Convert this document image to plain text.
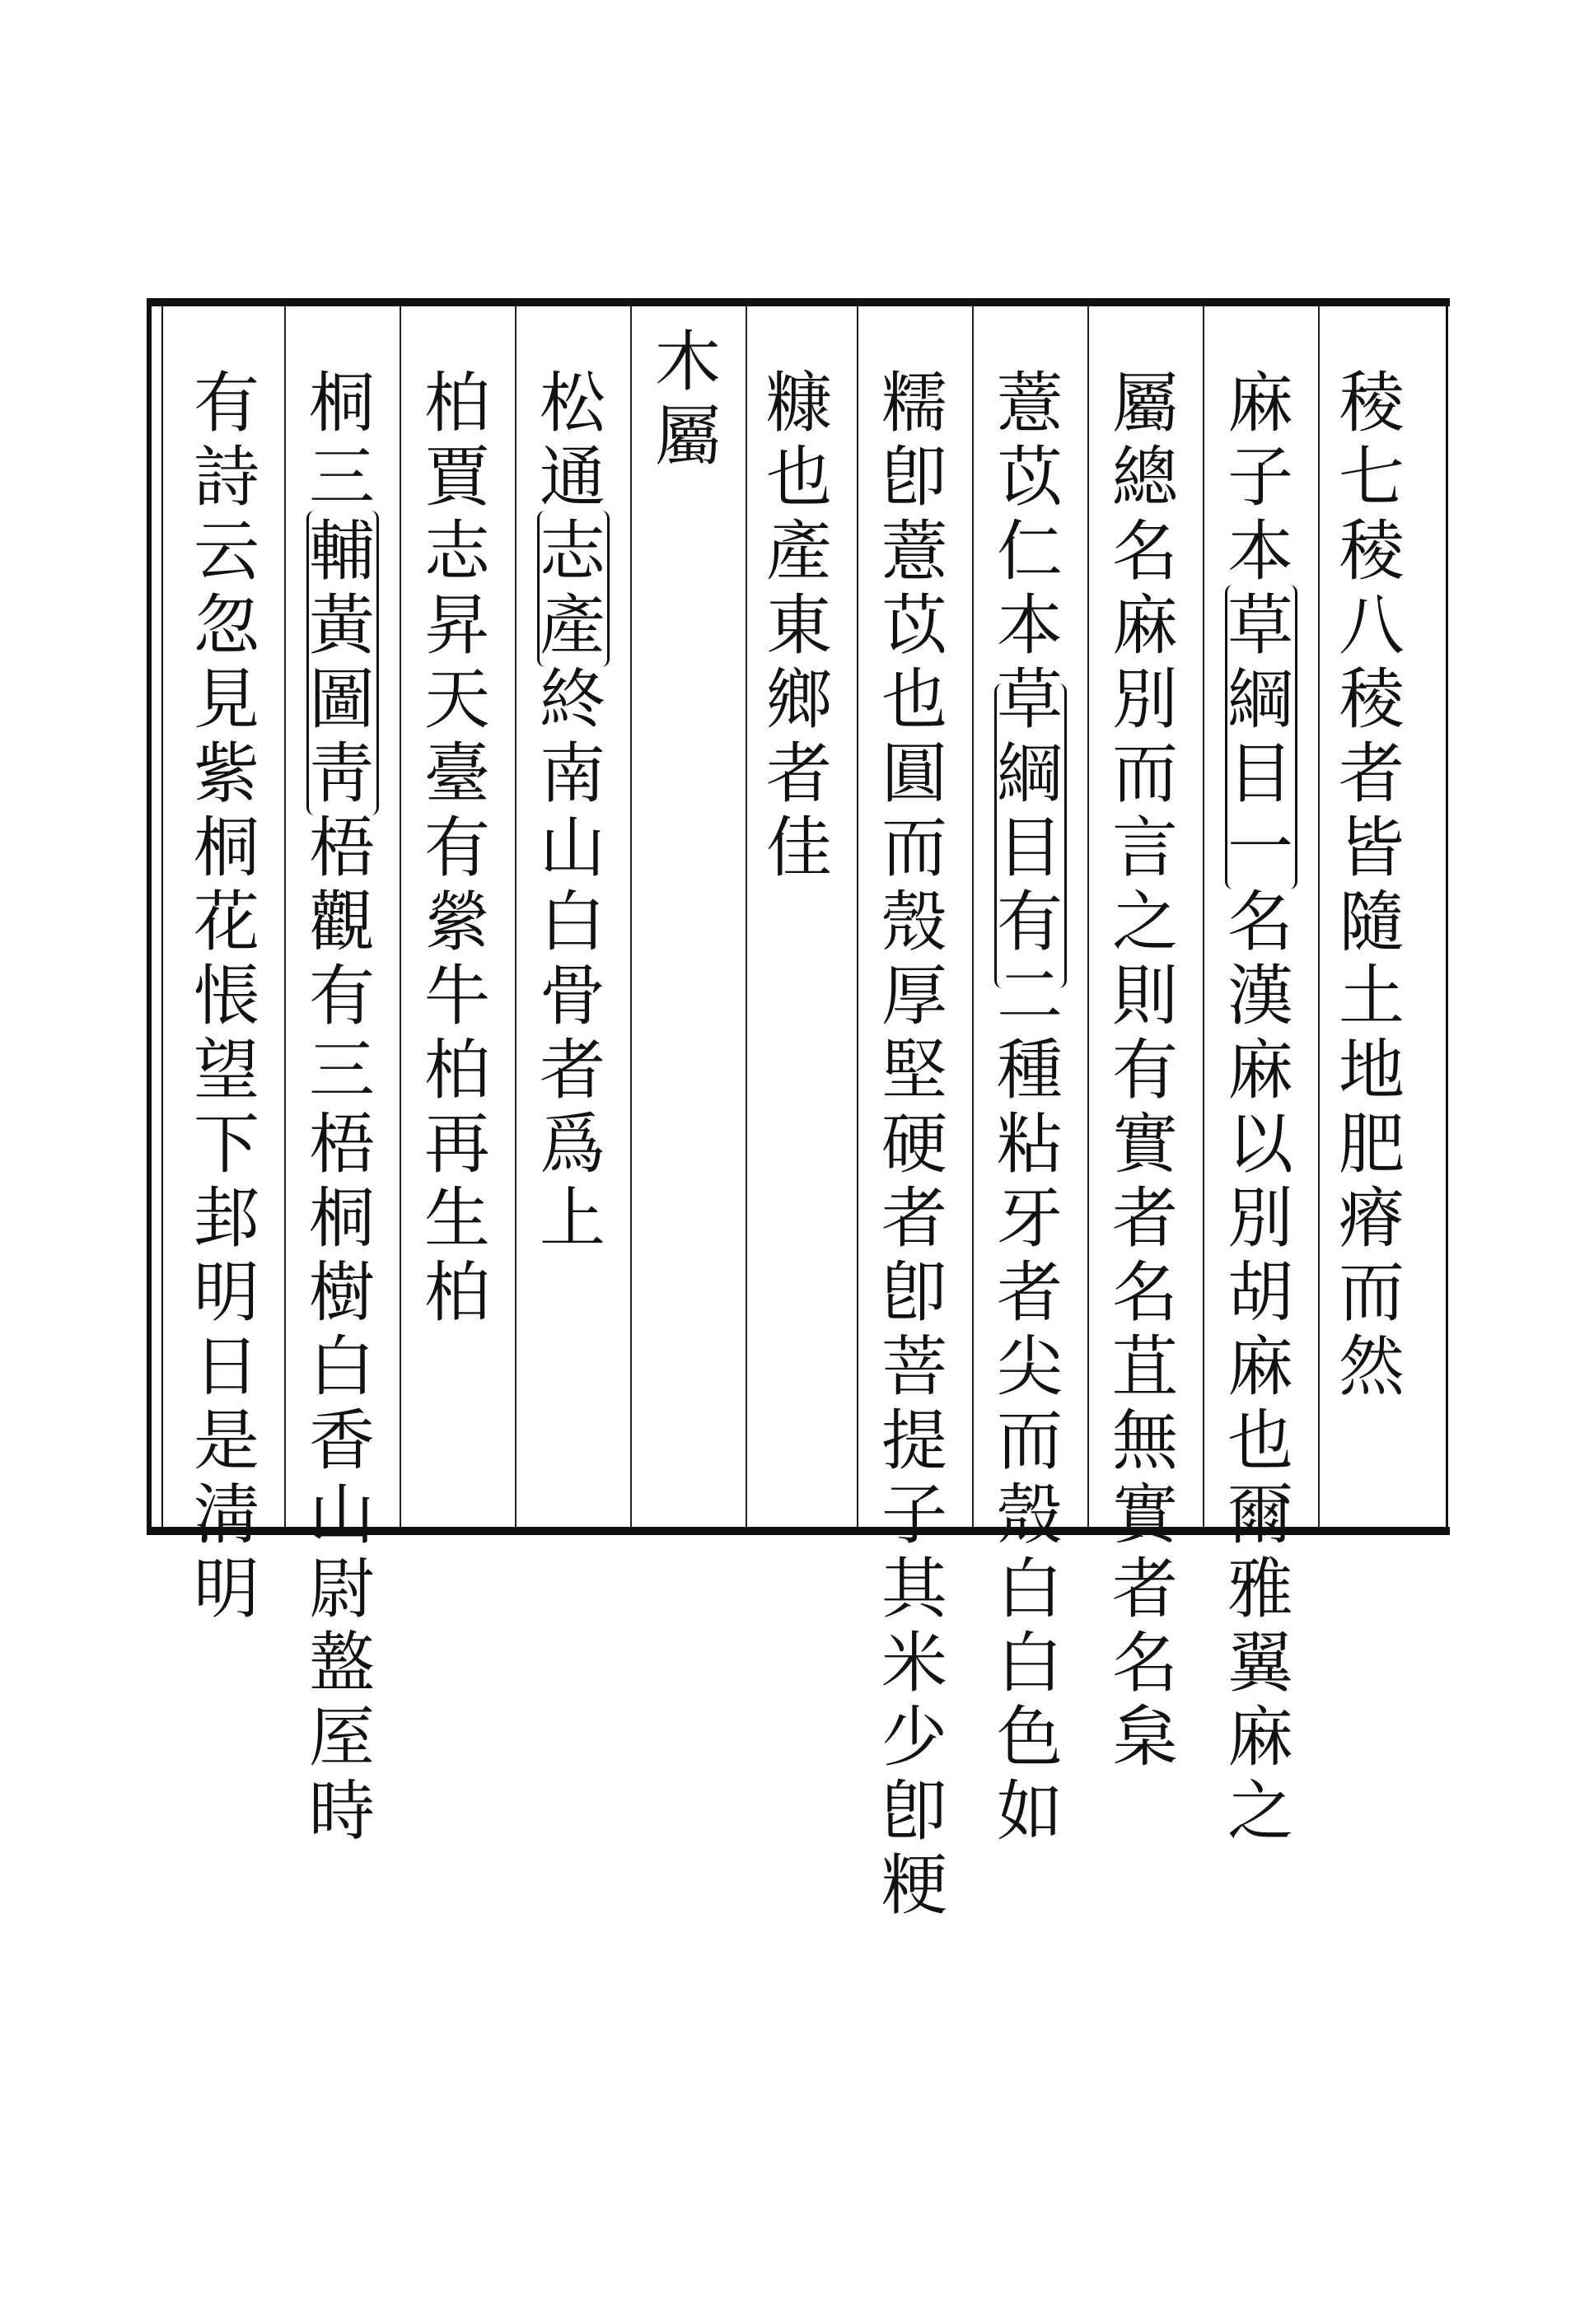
稜
七
稜
八
稜
者
皆
隨
土
地
肥
瘠
而
然
麻
子
本
草
綱
目
一
名
漢
麻
以
別
胡
麻
也
爾
雅
翼
麻
之
屬
總
名
麻
別
而
言
之
則
有
實
者
名
苴
無
實
者
名
枲
薏
苡
仁
本
草
綱
目
有
二
種
粘
牙
者
尖
而
殼
白
白
色
如
糯
卽
薏
苡
也
圓
而
殼
厚
堅
硬
者
卽
菩
提
子
其
米
少
卽
粳
糠
也
產
東
鄉
者
佳
木
屬
松
通
志
產
終
南
山
白
骨
者
爲
上
柏
賈
志
昇
天
臺
有
縈
牛
柏
再
生
柏
桐
三
輔
黃
圖
靑
梧
觀
有
三
梧
桐
樹
白
香
山
尉
盩
厔
時
有
詩
云
忽
見
紫
桐
花
悵
望
下
邽
明
日
是
淸
明
